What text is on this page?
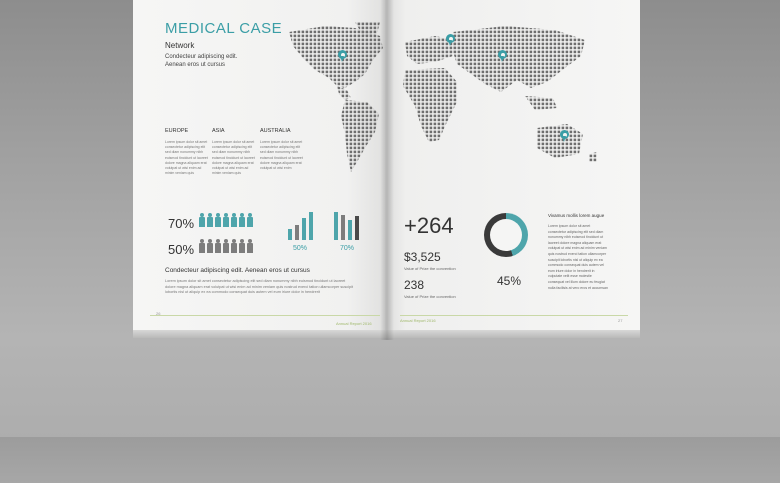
MEDICAL CASE
Network
Condecteur adipiscing edit.
Aenean eros ut cursus
EUROPE	ASIA	AUSTRALIA
Lorem ipsum dolor sit amet consectetur adipiscing elit sed diam nonummy nibh euismod tincidunt ut laoreet dolore magna aliquam erat volutpat ut wisi enim ad minim veniam quis
Lorem ipsum dolor sit amet consectetur adipiscing elit sed diam nonummy nibh euismod tincidunt ut laoreet dolore magna aliquam erat volutpat ut wisi enim ad minim veniam quis
Lorem ipsum dolor sit amet consectetur adipiscing elit sed diam nonummy nibh euismod tincidunt ut laoreet dolore magna aliquam erat volutpat ut wisi enim
70%
50%	50%	70%
Condecteur adipiscing edit. Aenean eros ut cursus
Lorem ipsum dolor sit amet consectetur adipiscing elit sed diam nonummy nibh euismod tincidunt ut laoreet dolore magna aliquam erat volutpat ut wisi enim ad minim veniam quis nostrud exerci tation ullamcorper suscipit lobortis nisl ut aliquip ex ea commodo consequat duis autem vel eum iriure dolor in hendrerit
26
Annual Report 2016
+264
$3,525
Value of Prize the convention
238
Value of Prize the convention
45%
Vivamus mollis lorem augue
Lorem ipsum dolor sit amet consectetur adipiscing elit sed diam nonummy nibh euismod tincidunt ut laoreet dolore magna aliquam erat volutpat ut wisi enim ad minim veniam quis nostrud exerci tation ullamcorper suscipit lobortis nisl ut aliquip ex ea commodo consequat duis autem vel eum iriure dolor in hendrerit in vulputate velit esse molestie consequat vel illum dolore eu feugiat nulla facilisis at vero eros et accumsan
Annual Report 2016	27
